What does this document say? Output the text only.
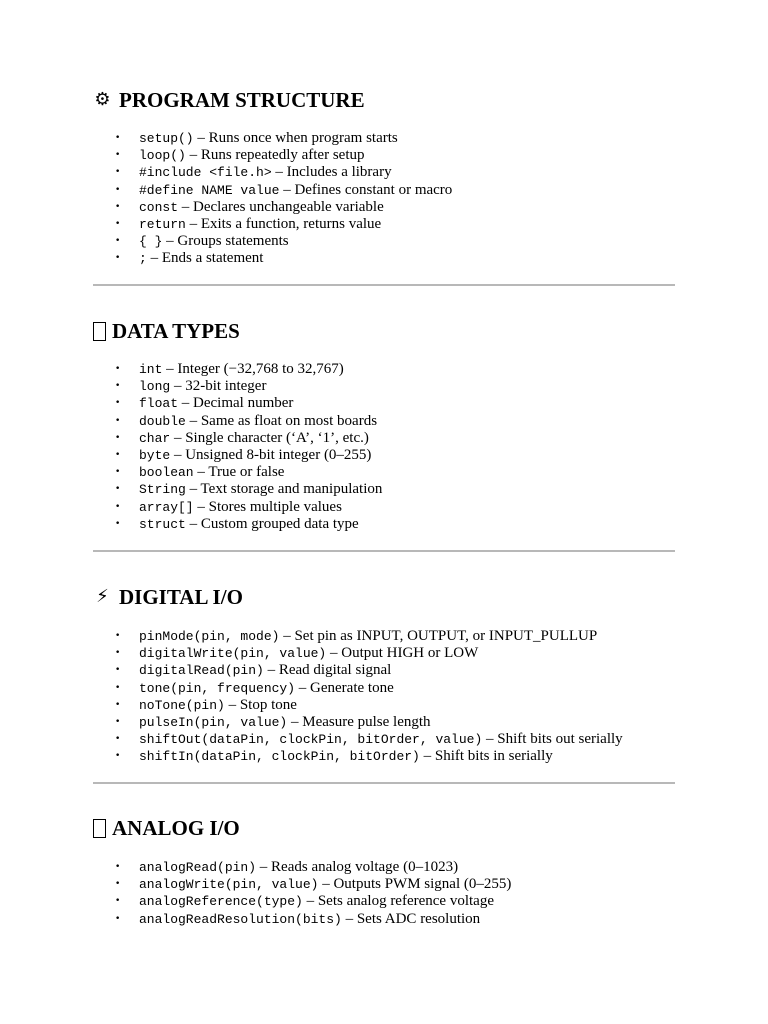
⚙ PROGRAM STRUCTURE
• setup() – Runs once when program starts
• loop() – Runs repeatedly after setup
• #include <file.h> – Includes a library
• #define NAME value – Defines constant or macro
• const – Declares unchangeable variable
• return – Exits a function, returns value
• { } – Groups statements
• ; – Ends a statement
DATA TYPES
• int – Integer (−32,768 to 32,767)
• long – 32-bit integer
• float – Decimal number
• double – Same as float on most boards
• char – Single character (‘A’, ‘1’, etc.)
• byte – Unsigned 8-bit integer (0–255)
• boolean – True or false
• String – Text storage and manipulation
• array[] – Stores multiple values
• struct – Custom grouped data type
⚡ DIGITAL I/O
• pinMode(pin, mode) – Set pin as INPUT, OUTPUT, or INPUT_PULLUP
• digitalWrite(pin, value) – Output HIGH or LOW
• digitalRead(pin) – Read digital signal
• tone(pin, frequency) – Generate tone
• noTone(pin) – Stop tone
• pulseIn(pin, value) – Measure pulse length
• shiftOut(dataPin, clockPin, bitOrder, value) – Shift bits out serially
• shiftIn(dataPin, clockPin, bitOrder) – Shift bits in serially
ANALOG I/O
• analogRead(pin) – Reads analog voltage (0–1023)
• analogWrite(pin, value) – Outputs PWM signal (0–255)
• analogReference(type) – Sets analog reference voltage
• analogReadResolution(bits) – Sets ADC resolution
